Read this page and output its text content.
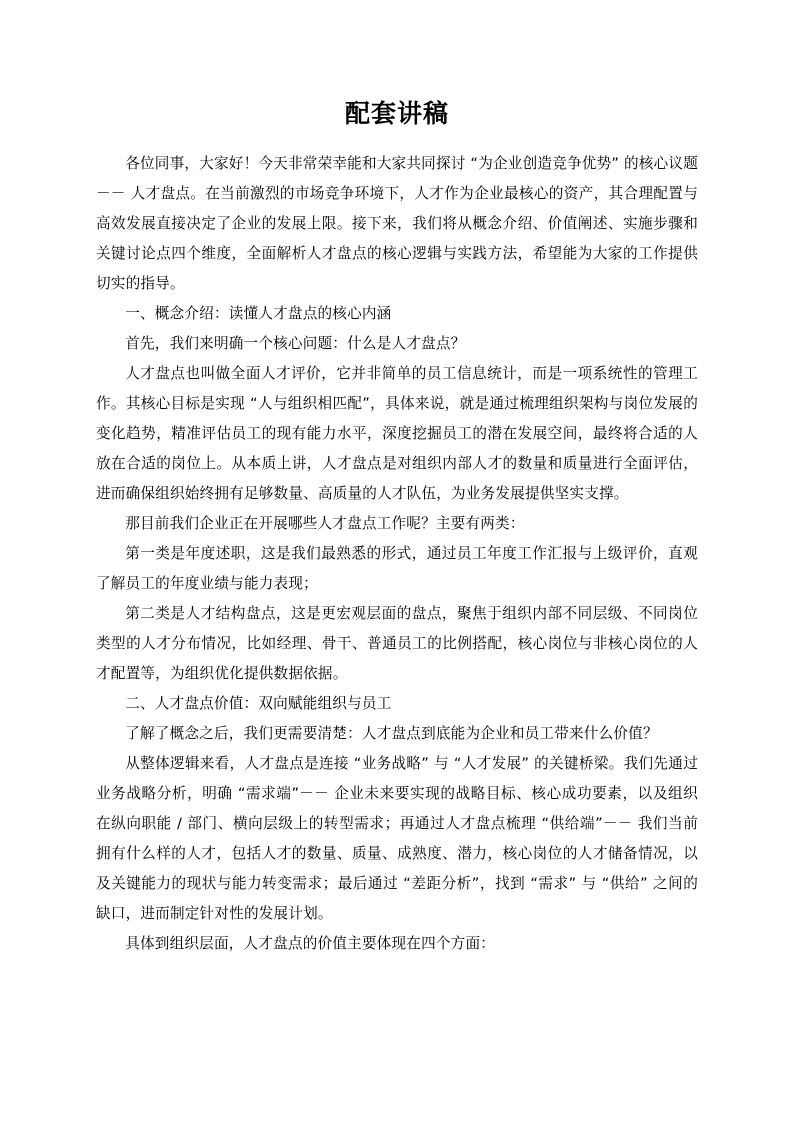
配套讲稿

各位同事，大家好！今天非常荣幸能和大家共同探讨 “为企业创造竞争优势” 的核心议题 －－ 人才盘点。在当前激烈的市场竞争环境下，人才作为企业最核心的资产，其合理配置与高效发展直接决定了企业的发展上限。接下来，我们将从概念介绍、价值阐述、实施步骤和关键讨论点四个维度，全面解析人才盘点的核心逻辑与实践方法，希望能为大家的工作提供切实的指导。

一、概念介绍：读懂人才盘点的核心内涵

首先，我们来明确一个核心问题：什么是人才盘点？

人才盘点也叫做全面人才评价，它并非简单的员工信息统计，而是一项系统性的管理工作。其核心目标是实现 “人与组织相匹配”，具体来说，就是通过梳理组织架构与岗位发展的变化趋势，精准评估员工的现有能力水平，深度挖掘员工的潜在发展空间，最终将合适的人放在合适的岗位上。从本质上讲，人才盘点是对组织内部人才的数量和质量进行全面评估，进而确保组织始终拥有足够数量、高质量的人才队伍，为业务发展提供坚实支撑。

那目前我们企业正在开展哪些人才盘点工作呢？主要有两类：

第一类是年度述职，这是我们最熟悉的形式，通过员工年度工作汇报与上级评价，直观了解员工的年度业绩与能力表现；

第二类是人才结构盘点，这是更宏观层面的盘点，聚焦于组织内部不同层级、不同岗位类型的人才分布情况，比如经理、骨干、普通员工的比例搭配，核心岗位与非核心岗位的人才配置等，为组织优化提供数据依据。

二、人才盘点价值：双向赋能组织与员工

了解了概念之后，我们更需要清楚：人才盘点到底能为企业和员工带来什么价值？

从整体逻辑来看，人才盘点是连接 “业务战略” 与 “人才发展” 的关键桥梁。我们先通过业务战略分析，明确 “需求端”－－ 企业未来要实现的战略目标、核心成功要素，以及组织在纵向职能 / 部门、横向层级上的转型需求；再通过人才盘点梳理 “供给端”－－ 我们当前拥有什么样的人才，包括人才的数量、质量、成熟度、潜力，核心岗位的人才储备情况，以及关键能力的现状与能力转变需求；最后通过 “差距分析”，找到 “需求” 与 “供给” 之间的缺口，进而制定针对性的发展计划。

具体到组织层面，人才盘点的价值主要体现在四个方面：
